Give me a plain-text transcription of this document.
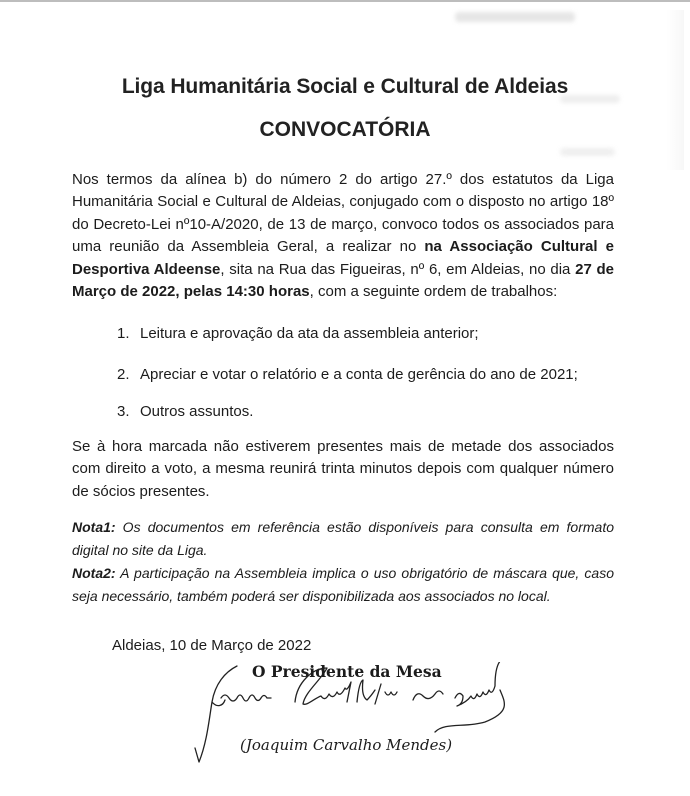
Liga Humanitária Social e Cultural de Aldeias
CONVOCATÓRIA
Nos termos da alínea b) do número 2 do artigo 27.º dos estatutos da Liga Humanitária Social e Cultural de Aldeias, conjugado com o disposto no artigo 18º do Decreto-Lei nº10-A/2020, de 13 de março, convoco todos os associados para uma reunião da Assembleia Geral, a realizar no na Associação Cultural e Desportiva Aldeense, sita na Rua das Figueiras, nº 6, em Aldeias, no dia 27 de Março de 2022, pelas 14:30 horas, com a seguinte ordem de trabalhos:
1. Leitura e aprovação da ata da assembleia anterior;
2. Apreciar e votar o relatório e a conta de gerência do ano de 2021;
3. Outros assuntos.
Se à hora marcada não estiverem presentes mais de metade dos associados com direito a voto, a mesma reunirá trinta minutos depois com qualquer número de sócios presentes.
Nota1: Os documentos em referência estão disponíveis para consulta em formato digital no site da Liga.
Nota2: A participação na Assembleia implica o uso obrigatório de máscara que, caso seja necessário, também poderá ser disponibilizada aos associados no local.
Aldeias, 10 de Março de 2022
O Presidente da Mesa
(Joaquim Carvalho Mendes)
